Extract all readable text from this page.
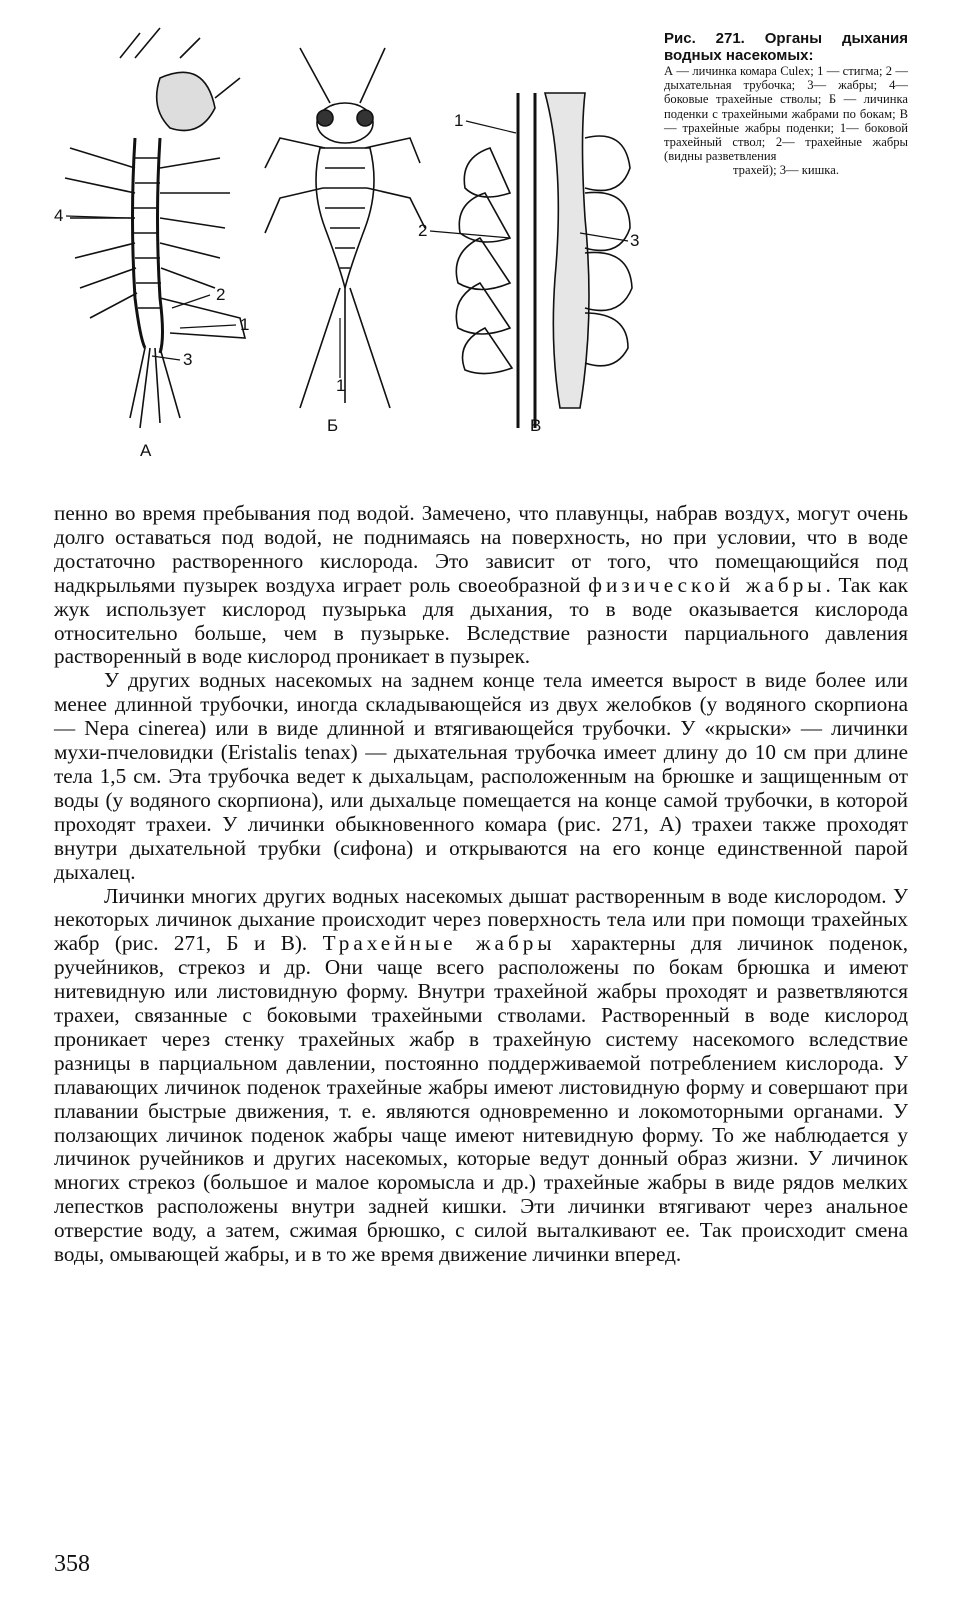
А
Б	В
4
2
1
3
1
1
2
3
Рис. 271. Органы дыхания водных насекомых:
А — личинка комара Culex; 1 — стигма; 2 — дыхательная трубочка; 3— жабры; 4— боковые трахейные стволы; Б — личинка поденки с трахейными жабрами по бокам; В — трахейные жабры поденки; 1— боковой трахейный ствол; 2— трахейные жабры (видны разветвления
трахей); 3— кишка.

пенно во время пребывания под водой. Замечено, что плавунцы, набрав воздух, могут очень долго оставаться под водой, не поднимаясь на поверхность, но при условии, что в воде достаточно растворенного кислорода. Это зависит от того, что помещающийся под надкрыльями пузырек воздуха играет роль своеобразной физической жабры. Так как жук использует кислород пузырька для дыхания, то в воде оказывается кислорода относительно больше, чем в пузырьке. Вследствие разности парциального давления растворенный в воде кислород проникает в пузырек.

У других водных насекомых на заднем конце тела имеется вырост в виде более или менее длинной трубочки, иногда складывающейся из двух желобков (у водяного скорпиона — Nepa cinerea) или в виде длинной и втягивающейся трубочки. У «крыски» — личинки мухи-пчеловидки (Eristalis tenax) — дыхательная трубочка имеет длину до 10 см при длине тела 1,5 см. Эта трубочка ведет к дыхальцам, расположенным на брюшке и защищенным от воды (у водяного скорпиона), или дыхальце помещается на конце самой трубочки, в которой проходят трахеи. У личинки обыкновенного комара (рис. 271, А) трахеи также проходят внутри дыхательной трубки (сифона) и открываются на его конце единственной парой дыхалец.

Личинки многих других водных насекомых дышат растворенным в воде кислородом. У некоторых личинок дыхание происходит через поверхность тела или при помощи трахейных жабр (рис. 271, Б и В). Трахейные жабры характерны для личинок поденок, ручейников, стрекоз и др. Они чаще всего расположены по бокам брюшка и имеют нитевидную или листовидную форму. Внутри трахейной жабры проходят и разветвляются трахеи, связанные с боковыми трахейными стволами. Растворенный в воде кислород проникает через стенку трахейных жабр в трахейную систему насекомого вследствие разницы в парциальном давлении, постоянно поддерживаемой потреблением кислорода. У плавающих личинок поденок трахейные жабры имеют листовидную форму и совершают при плавании быстрые движения, т. е. являются одновременно и локомоторными органами. У ползающих личинок поденок жабры чаще имеют нитевидную форму. То же наблюдается у личинок ручейников и других насекомых, которые ведут донный образ жизни. У личинок многих стрекоз (большое и малое коромысла и др.) трахейные жабры в виде рядов мелких лепестков расположены внутри задней кишки. Эти личинки втягивают через анальное отверстие воду, а затем, сжимая брюшко, с силой выталкивают ее. Так происходит смена воды, омывающей жабры, и в то же время движение личинки вперед.

358
